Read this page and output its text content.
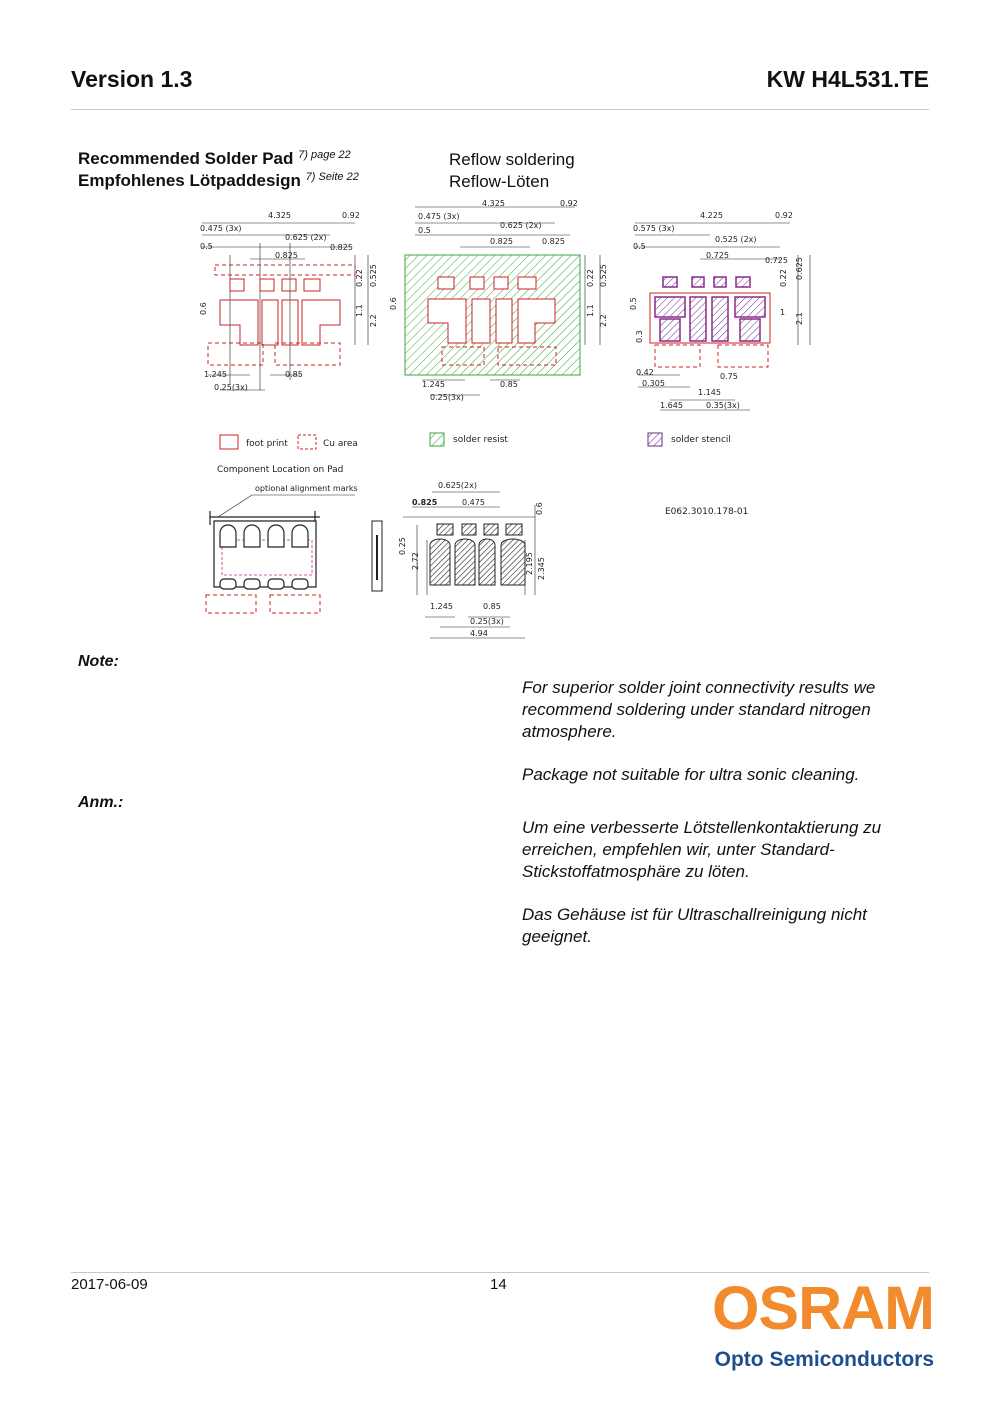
Version 1.3	KW H4L531.TE
Recommended Solder Pad $^{7) page 22}$
Empfohlenes Lötpaddesign $^{7) Seite 22}$
Reflow soldering
Reflow-Löten
4.325	0.92
0.475 (3x)
0.625 (2x)
0.5	0.825
0.825
0.22 0.525
0.6	1.1
2.2
1.245	0.85
0.25(3x)
4.325	0.92
0.475 (3x)
0.625 (2x)
0.5
0.825	0.825
0.22 0.525
0.6
1.1
2.2
1.245	0.85
0.25(3x)
4.225	0.92
0.575 (3x)
0.525 (2x)
0.5
0.725
0.725
0.22 0.625
0.5
0.3
1 2.1
0.42
0.305
0.75
1.145
1.645	0.35(3x)
foot print	Cu area	solder resist	solder stencil
Component Location on Pad
optional alignment marks	0.625(2x)
0.825	0.475	0.6
0.25
2.72	2.195 2.345
1.245	0.85
0.25(3x)
4.94
E062.3010.178-01
Note:
For superior solder joint connectivity results we recommend soldering under standard nitrogen atmosphere.
Package not suitable for ultra sonic cleaning.
Anm.:
Um eine verbesserte Lötstellenkontaktierung zu erreichen, empfehlen wir, unter Standard-Stickstoffatmosphäre zu löten.
Das Gehäuse ist für Ultraschallreinigung nicht geeignet.
2017-06-09	14	OSRAM
Opto Semiconductors
